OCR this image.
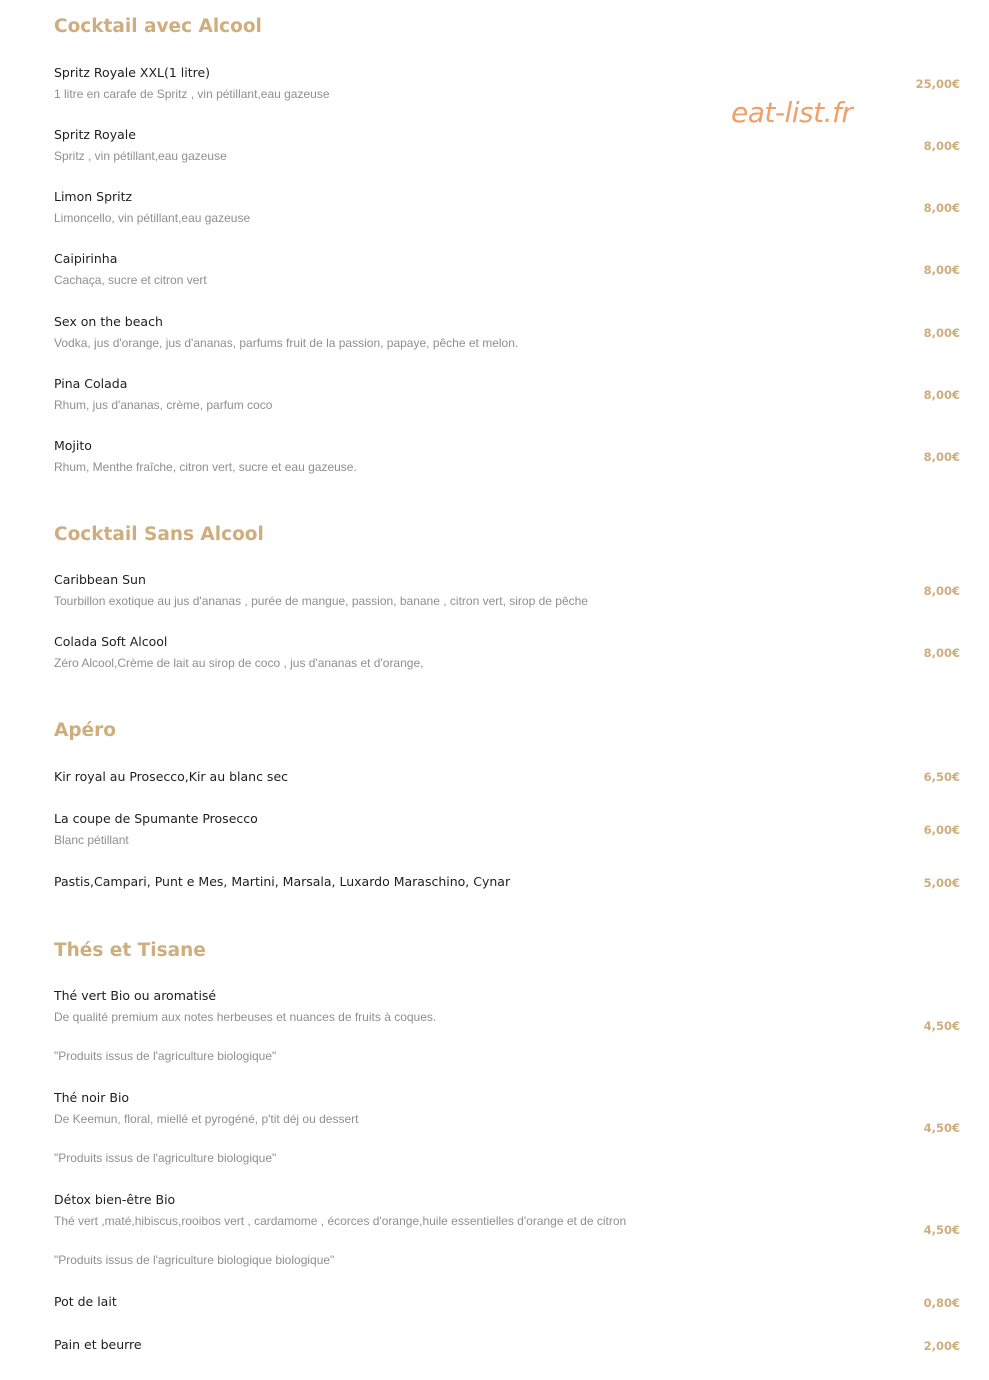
eat-list.fr
Cocktail avec Alcool
Spritz Royale XXL(1 litre)
1 litre en carafe de Spritz , vin pétillant,eau gazeuse
25,00€
Spritz Royale
Spritz , vin pétillant,eau gazeuse
8,00€
Limon Spritz
Limoncello, vin pétillant,eau gazeuse
8,00€
Caipirinha
Cachaça, sucre et citron vert
8,00€
Sex on the beach
Vodka, jus d'orange, jus d'ananas, parfums fruit de la passion, papaye, pêche et melon.
8,00€
Pina Colada
Rhum, jus d'ananas, crème, parfum coco
8,00€
Mojito
Rhum, Menthe fraîche, citron vert, sucre et eau gazeuse.
8,00€
Cocktail Sans Alcool
Caribbean Sun
Tourbillon exotique au jus d'ananas , purée de mangue, passion, banane , citron vert, sirop de pêche
8,00€
Colada Soft Alcool
Zéro Alcool,Crème de lait au sirop de coco , jus d'ananas et d'orange,
8,00€
Apéro
Kir royal au Prosecco,Kir au blanc sec	6,50€
La coupe de Spumante Prosecco
Blanc pétillant
6,00€
Pastis,Campari, Punt e Mes, Martini, Marsala, Luxardo Maraschino, Cynar	5,00€
Thés et Tisane
Thé vert Bio ou aromatisé
De qualité premium aux notes herbeuses et nuances de fruits à coques.
"Produits issus de l'agriculture biologique"
4,50€
Thé noir Bio
De Keemun, floral, miellé et pyrogéné, p'tit déj ou dessert
"Produits issus de l'agriculture biologique"
4,50€
Détox bien-être Bio
Thé vert ,maté,hibiscus,rooibos vert , cardamome , écorces d'orange,huile essentielles d'orange et de citron
"Produits issus de l'agriculture biologique biologique"
4,50€
Pot de lait	0,80€
Pain et beurre	2,00€
